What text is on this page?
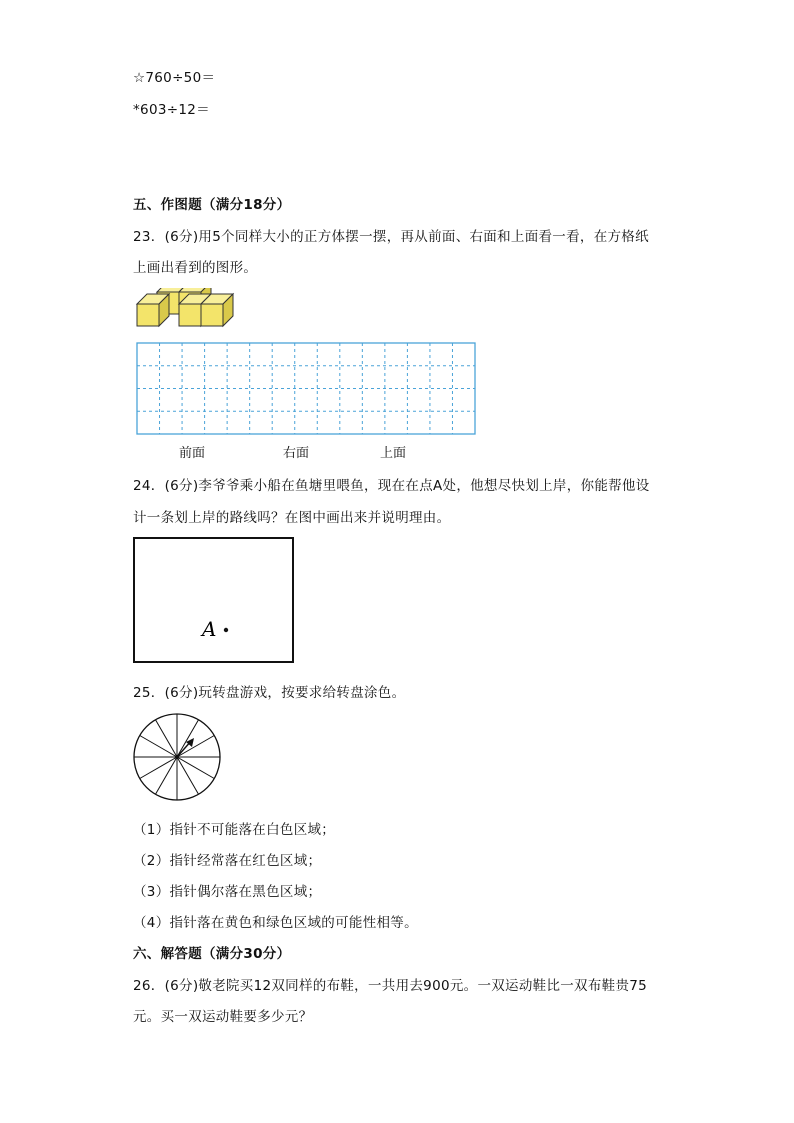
☆760÷50＝
*603÷12＝
五、作图题（满分18分）
23．(6分)用5个同样大小的正方体摆一摆，再从前面、右面和上面看一看，在方格纸
上画出看到的图形。
前面	右面	上面
24．(6分)李爷爷乘小船在鱼塘里喂鱼，现在在点A处，他想尽快划上岸，你能帮他设
计一条划上岸的路线吗？在图中画出来并说明理由。
A
25．(6分)玩转盘游戏，按要求给转盘涂色。
（1）指针不可能落在白色区域；
（2）指针经常落在红色区域；
（3）指针偶尔落在黑色区域；
（4）指针落在黄色和绿色区域的可能性相等。
六、解答题（满分30分）
26．(6分)敬老院买12双同样的布鞋，一共用去900元。一双运动鞋比一双布鞋贵75
元。买一双运动鞋要多少元？
